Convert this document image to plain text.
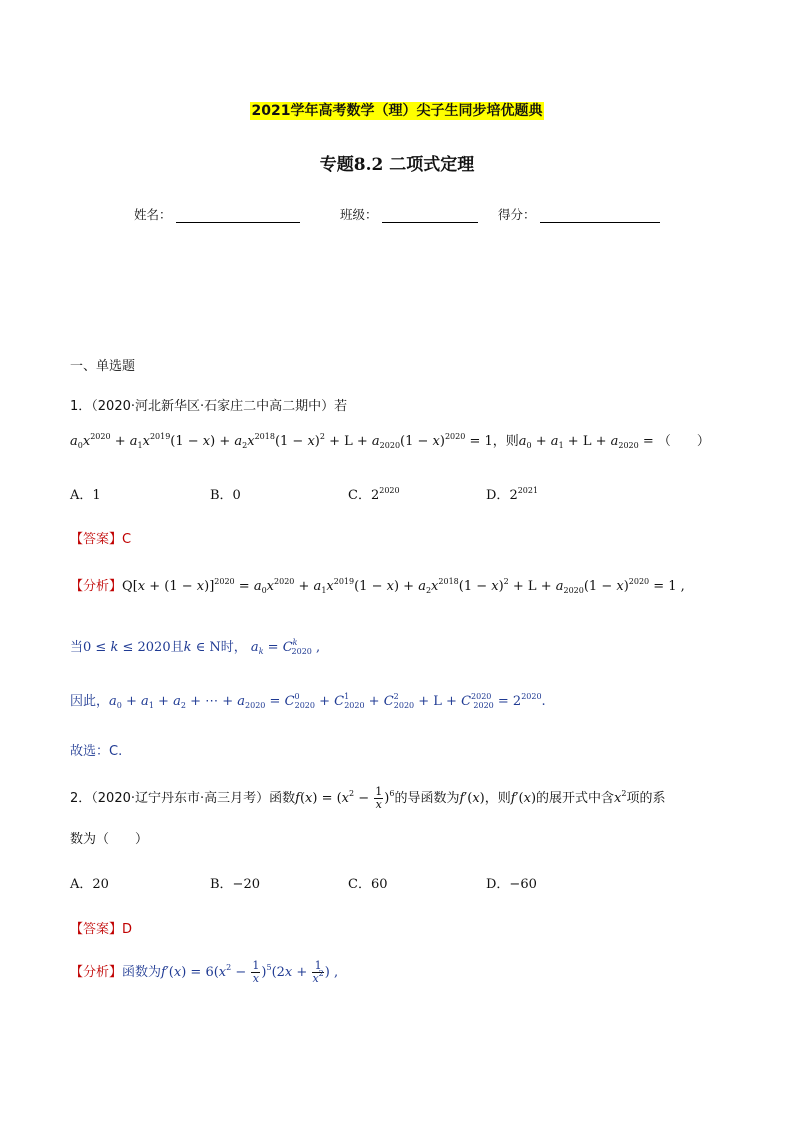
2021学年高考数学（理）尖子生同步培优题典
专题8.2 二项式定理
姓名：	班级：	得分：
一、单选题
1．（2020·河北新华区·石家庄二中高二期中）若
$a_0x^{2020} + a_1x^{2019}(1 - x) + a_2x^{2018}(1 - x)^2 + L + a_{2020}(1 - x)^{2020} = 1$，则$a_0 + a_1 + L + a_{2020}$ = （　　）
A．1	B．0	C．$2^{2020}$	D．$2^{2021}$
【答案】C
【分析】$Q[x + (1 - x)]^{2020} = a_0x^{2020} + a_1x^{2019}(1 - x) + a_2x^{2018}(1 - x)^2 + L + a_{2020}(1 - x)^{2020} = 1$ ,
当0 ≤ k ≤ 2020且k ∈ N时， $a_k = C^k_{2020}$ ,
因此，$a_0 + a_1 + a_2$ + ⋯ + $a_{2020} = C^0_{2020} + C^1_{2020} + C^2_{2020} + L + C^{2020}_{2020} = 2^{2020}$.
故选：C.
2．（2020·辽宁丹东市·高三月考）函数$f(x) = (x^2 - \frac{1}{x} )^6$的导函数为f′(x)，则f′(x)的展开式中含$x^2$项的系
数为（　　）
A．20	B．−20	C．60	D．−60
【答案】D
【分析】函数为$f'(x) = 6(x^2 - \frac{1}{x} )^5(2x + \frac{1}{x^2}$ ) ,
